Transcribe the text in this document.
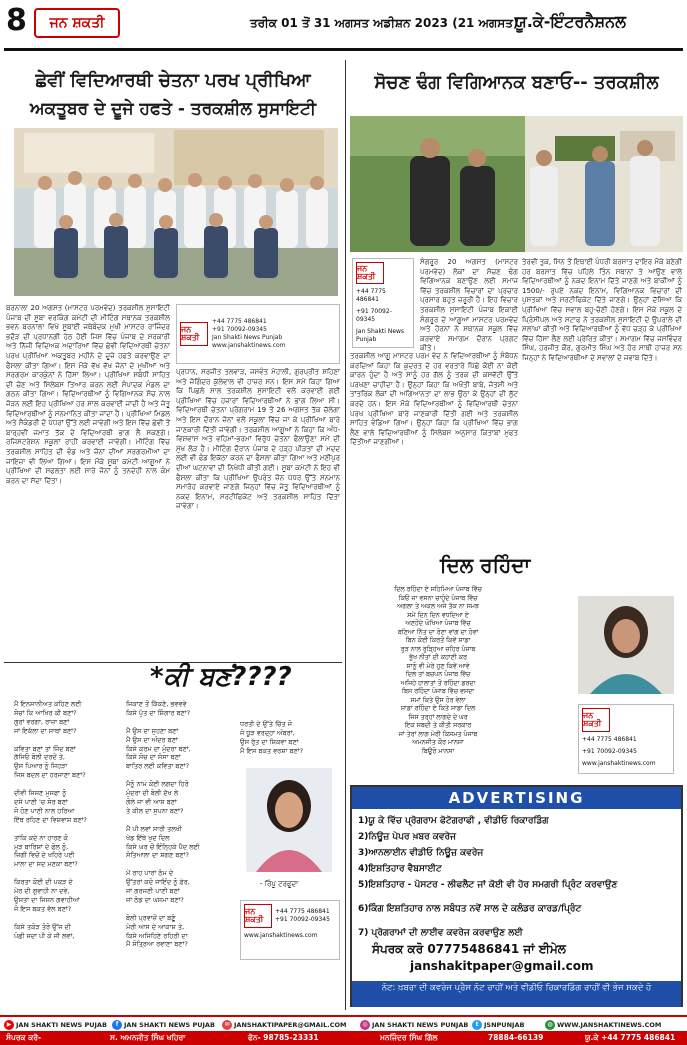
8	ਜਨ ਸ਼ਕਤੀ	ਤਰੀਕ 01 ਤੋਂ 31 ਅਗਸਤ ਅਡੀਸ਼ਨ 2023 (21 ਅਗਸਤ)
ਯੂ.ਕੇ-ਇੰਟਰਨੈਸ਼ਨਲ
ਛੇਵੀਂ ਵਿਦਿਆਰਥੀ ਚੇਤਨਾ ਪਰਖ ਪ੍ਰੀਖਿਆ
ਅਕਤੂਬਰ ਦੇ ਦੂਜੇ ਹਫਤੇ - ਤਰਕਸ਼ੀਲ ਸੁਸਾਇਟੀ
ਬਰਨਾਲਾ 20 ਅਗਸਤ (ਮਾਸਟਰ ਪਰਮਵੇਦ) ਤਰਕਸ਼ੀਲ ਸੁਸਾਇਟੀ ਪੰਜਾਬ ਦੀ ਸੂਬਾ ਵਰਕਿੰਗ ਕਮੇਟੀ ਦੀ ਮੀਟਿੰਗ ਸਥਾਨਕ ਤਰਕਸ਼ੀਲ ਭਵਨ ਬਰਨਾਲਾ ਵਿਖੇ ਸੂਬਾਈ ਜਥੇਬੰਦਕ ਮੁਖੀ ਮਾਸਟਰ ਰਾਜਿੰਦਰ ਭਦੌੜ ਦੀ ਪ੍ਰਧਾਨਗੀ ਹੇਠ ਹੋਈ ਜਿਸ ਵਿੱਚ ਪੰਜਾਬ ਦੇ ਸਰਕਾਰੀ ਅਤੇ ਨਿੱਜੀ ਵਿਦਿਅਕ ਅਦਾਰਿਆਂ ਵਿੱਚ ਛੇਵੀਂ ਵਿਦਿਆਰਥੀ ਚੇਤਨਾ ਪਰਖ ਪ੍ਰੀਖਿਆ ਅਕਤੂਬਰ ਮਹੀਨੇ ਦੇ ਦੂਜੇ ਹਫਤੇ ਕਰਵਾਉਣ ਦਾ ਫੈਸਲਾ ਕੀਤਾ ਗਿਆ। ਇਸ ਮੌਕੇ ਵੱਖ ਵੱਖ ਜੋਨਾਂ ਦੇ ਮੁਖੀਆਂ ਅਤੇ ਸਰਗਰਮ ਕਾਰਕੁੰਨਾਂ ਨੇ ਹਿੱਸਾ ਲਿਆ। ਪ੍ਰੀਖਿਆ ਸਬੰਧੀ ਸਾਹਿਤ ਦੀ ਚੋਣ ਅਤੇ ਸਿਲੇਬਸ ਤਿਆਰ ਕਰਨ ਲਈ ਸੰਪਾਦਕ ਮੰਡਲ ਦਾ ਗਠਨ ਕੀਤਾ ਗਿਆ। ਵਿਦਿਆਰਥੀਆਂ ਨੂੰ ਵਿਗਿਆਨਕ ਸੋਚ ਨਾਲ ਜੋੜਨ ਲਈ ਇਹ ਪ੍ਰੀਖਿਆ ਹਰ ਸਾਲ ਕਰਵਾਈ ਜਾਂਦੀ ਹੈ ਅਤੇ ਜੇਤੂ ਵਿਦਿਆਰਥੀਆਂ ਨੂੰ ਸਨਮਾਨਿਤ ਕੀਤਾ ਜਾਂਦਾ ਹੈ। ਪ੍ਰੀਖਿਆ ਮਿਡਲ ਅਤੇ ਸੈਕੰਡਰੀ ਦੋ ਪੱਧਰਾਂ ਉੱਤੇ ਲਈ ਜਾਵੇਗੀ ਅਤੇ ਇਸ ਵਿੱਚ ਛੇਵੀਂ ਤੋਂ ਬਾਰ੍ਹਵੀਂ ਜਮਾਤ ਤੱਕ ਦੇ ਵਿਦਿਆਰਥੀ ਭਾਗ ਲੈ ਸਕਣਗੇ। ਰਜਿਸਟਰੇਸ਼ਨ ਸਕੂਲਾਂ ਰਾਹੀਂ ਕਰਵਾਈ ਜਾਵੇਗੀ। ਮੀਟਿੰਗ ਵਿੱਚ ਤਰਕਸ਼ੀਲ ਸਾਹਿਤ ਦੀ ਵੰਡ ਅਤੇ ਜ਼ੋਨਾਂ ਦੀਆਂ ਸਰਗਰਮੀਆਂ ਦਾ ਜਾਇਜ਼ਾ ਵੀ ਲਿਆ ਗਿਆ। ਇਸ ਮੌਕੇ ਸੂਬਾ ਕਮੇਟੀ ਆਗੂਆਂ ਨੇ ਪ੍ਰੀਖਿਆ ਦੀ ਸਫਲਤਾ ਲਈ ਸਾਰੇ ਜੋਨਾਂ ਨੂੰ ਤਨਦੇਹੀ ਨਾਲ ਕੰਮ ਕਰਨ ਦਾ ਸੱਦਾ ਦਿੱਤਾ।
ਜਨ ਸ਼ਕਤੀ
+44 7775 486841
+91 70092-09345
Jan Shakti News Punjab
www.janshaktinews.com
ਪ੍ਰਧਾਨ, ਸਰਜੀਤ ਤਲਵਾੜ, ਜਸਵੰਤ ਮੋਹਾਲੀ, ਗੁਰਪ੍ਰੀਤ ਸ਼ਹਿਣਾ ਅਤੇ ਜੋਗਿੰਦਰ ਕੁੱਲੇਵਾਲ ਵੀ ਹਾਜ਼ਰ ਸਨ। ਇਸ ਸਮੇਂ ਕਿਹਾ ਗਿਆ ਕਿ ਪਿਛਲੇ ਸਾਲ ਤਰਕਸ਼ੀਲ ਸੁਸਾਇਟੀ ਵਲੋਂ ਕਰਵਾਈ ਗਈ ਪ੍ਰੀਖਿਆ ਵਿੱਚ ਹਜ਼ਾਰਾਂ ਵਿਦਿਆਰਥੀਆਂ ਨੇ ਭਾਗ ਲਿਆ ਸੀ। ਵਿਦਿਆਰਥੀ ਚੇਤਨਾ ਪ੍ਰੋਗਰਾਮ 19 ਤੋਂ 26 ਅਗਸਤ ਤੱਕ ਚੱਲੇਗਾ ਅਤੇ ਇਸ ਦੌਰਾਨ ਜ਼ੋਨਾਂ ਵਲੋਂ ਸਕੂਲਾਂ ਵਿੱਚ ਜਾ ਕੇ ਪ੍ਰੀਖਿਆ ਬਾਰੇ ਜਾਣਕਾਰੀ ਦਿੱਤੀ ਜਾਵੇਗੀ। ਤਰਕਸ਼ੀਲ ਆਗੂਆਂ ਨੇ ਕਿਹਾ ਕਿ ਅੰਧ-ਵਿਸ਼ਵਾਸ ਅਤੇ ਵਹਿਮਾਂ-ਭਰਮਾਂ ਵਿਰੁੱਧ ਚੇਤਨਾ ਫੈਲਾਉਣਾ ਸਮੇਂ ਦੀ ਮੁੱਖ ਲੋੜ ਹੈ। ਮੀਟਿੰਗ ਦੌਰਾਨ ਪੰਜਾਬ ਦੇ ਹੜ੍ਹ ਪੀੜਤਾਂ ਦੀ ਮਦਦ ਲਈ ਵੀ ਫੰਡ ਇਕੱਠਾ ਕਰਨ ਦਾ ਫੈਸਲਾ ਕੀਤਾ ਗਿਆ ਅਤੇ ਮਣੀਪੁਰ ਦੀਆਂ ਘਟਨਾਵਾਂ ਦੀ ਨਿਖੇਧੀ ਕੀਤੀ ਗਈ। ਸੂਬਾ ਕਮੇਟੀ ਨੇ ਇਹ ਵੀ ਫੈਸਲਾ ਕੀਤਾ ਕਿ ਪ੍ਰੀਖਿਆ ਉਪਰੰਤ ਜ਼ੋਨ ਪੱਧਰ ਉੱਤੇ ਸਨਮਾਨ ਸਮਾਰੋਹ ਕਰਵਾਏ ਜਾਣਗੇ ਜਿਨ੍ਹਾਂ ਵਿੱਚ ਜੇਤੂ ਵਿਦਿਆਰਥੀਆਂ ਨੂੰ ਨਕਦ ਇਨਾਮ, ਸਰਟੀਫਿਕੇਟ ਅਤੇ ਤਰਕਸ਼ੀਲ ਸਾਹਿਤ ਦਿੱਤਾ ਜਾਵੇਗਾ।
*ਕੀ ਬਣਂ????
ਮੈਂ ਇਨਸਾਨੀਅਤ ਕਹਿਣ ਲਈ
ਸੋਚਾਂ ਕਿ ਆਖਿਰ ਕੀ ਬਣਾਂ?
ਗੁਰਾਂ ਵਰਗਾ, ਰਾਜ਼ਾ ਬਣਾਂ
ਜਾਂ ਇਕੱਲਾ ਦਾ ਸਾਥਾਂ ਬਣਾਂ?

ਕਵਿਤਾ ਬਣਾਂ ਤਾਂ ਜਿੰਦ ਬਣਾਂ
ਗੱਜਿਓ ਬੋਲੀ ਦਰਦੋਂ ਤੇ,
ਉਸ ਪਿਆਰ ਨੂੰ ਜਿਹੜਾ
ਜਿਸ ਬਦਲ ਦਾ ਹਰਜਾਣਾ ਬਣਾਂ?

ਦੀਵੀ ਜਿਸਣ ਮੁਸਫਾ ਨੂੰ
ਦਸੇ ਪਾਣੀ 'ਚ ਸੋਰ ਬਣਾਂ
ਜੋ ਹੋਣ ਪਾਣੀ ਨਾਲ ਹਰਿਆ
ਇੱਥ ਰਹਿਣ ਦਾ ਵਿਸ਼ਵਾਸ਼ ਬਣਾਂ?

ਤਾਂਕਿ ਕਦੇ ਨਾ ਹਾਰਣ ਕੋ
ਮੁੜ ਬਾਰਿਸ਼ਾਂ ਦੇ ਫੋਲ ਨੂੰ,
ਜ਼ਿਗੀ ਵਿਚੋਂ ਦੇ ਖਹਿਰੇ ਪਈ
ਮਾਲਾ ਦਾ ਸਦ ਮਣਕਾ ਬਣਾਂ?

ਕਿਰਤਾ ਕੋਈ ਦੀ ਪਕੜ ਦੇ
ਮੇਰ ਦੀ ਗੁਵਾਹੀ ਨਾ ਦਵੇ,
ਉਸਤਾਂ ਦਾ ਜਿਸਨ ਗਵਾਹੀਆਂ
ਜੋ ਇਸ ਬਕਤ ਵੱਲ ਬਣਾਂ?

ਕਿਸੇ ਤਕੋੜ ਤੋਰੋ ਉੱਜ ਦੀ
ਪੰਛੀ ਸਦਾ ਪੀ ਕੇ ਜੀ ਲਵਾਂ,
ਜਿਕਾਣ ਤੋਂ ਕਿੱਕਣੇ, ਭਵਵਵੇ
ਕਿਸੇ ਪੁੱਤ ਦਾ ਸ਼ਿੰਗਾਰ ਬਣਾਂ?

ਮੈਂ ਉਸ ਦਾ ਸੁਹਣਾ ਬਣਾਂ
ਮੈਂ ਉਸ ਦਾ ਅੰਦਰ ਬਣਾਂ
ਕਿਸੇ ਕਰਮ ਦਾ ਮੁੰਦਰਾ ਬਣਾਂ,
ਕਿਸੇ ਸੋਚ ਦਾ ਸੰਸਾ ਬਣਾਂ
ਬਾਤਿਰ ਲਈ ਕਵਿਤਾ ਬਣਾਂ?

ਮੈਨੂੰ ਨਾਮ ਕੋਈ ਲਗਦਾ ਹਿਰੋ
ਮੁੰਦਰਾ ਦੀ ਬੋਲੀ ਦੱਖ ਲੇ
ਗੋਲੇ ਜਾ ਵੀ ਆਸ ਬਣਾਂ
ਤੇ ਕੀਲ ਦਾ ਸੁਪਨਾ ਬਣਾਂ?

ਮੈਂ ਪੀ ਲਵਾਂ ਸਾਰੀ ਤਲਖੀ
ਖੇਡ ਇੱਥੇ ਖੁਦ ਦਿਲ
ਕਿਸੇ ਘਰ ਚੋਂ ਇੰਨ੍ਹਿਕੇ ਪੈਦ ਲਈ
ਸੰਤਿਆਲਾ ਦਾ ਸ਼ਗਣ ਬਣਾਂ?

ਮੇਂ ਰਾਹ ਪਾਰਾਂ ਠੰਮ ਦੇ
ਉੱਤਰਾਂ ਕਦੋ ਜਾਇੰਦ ਨੂੰ ਫ਼ੇਰ,
ਜਾਂ ਗਰਜਣੀ ਪਾਣੀ ਬਣਾਂ
ਜਾਂ ਠੰਡ ਦਾ ਘਸਮਾ ਬਣਾਂ?

ਬੋਲੀ ਪ੍ਰਵਾਜ਼ੋਂ ਦਾ ਬਣੂੰ
ਮੇਰੀ ਆਸ ਦੇ ਆਕਾਸ਼ ਤੇ,
ਕਿਸੇ ਅਜਿਹਿਣੇ ਰਹਿਰੀ ਦਾ
ਮੈਂ ਸੋਤ੍ਰਿਆ ਰਵਾਣਾ ਬਣਾਂ?
ਧਰਤੀ ਦੇ ਉੱਤੇ ਚਿੱਤ ਜੋ
ਜੋ ਧੂੜ ਵਰਦ੍ਹਾ ਅੰਬਰਾਂ,
ਉਸ ਰੁੱਤ ਦਾ ਸ਼ਿਕਵਾ ਬਣਾਂ
ਮੈਂ ਇਸ ਬਕਤ ਵਰਸ਼ਾ ਬਣਾਂ?
- ਰਿੰਪੂ ਟਰਫੂਦਾ
ਜਨ ਸ਼ਕਤੀ
+44 7775 486841
+91 70092-09345
www.janshaktinews.com
ਸੋਚਣ ਢੰਗ ਵਿਗਿਆਨਕ ਬਣਾਓ-- ਤਰਕਸ਼ੀਲ
ਜਨ ਸ਼ਕਤੀ
+44 7775 486841
+91 70092-09345
Jan Shakti News Punjab
ਸੰਗਰੂਰ 20 ਅਗਸਤ (ਮਾਸਟਰ ਪਰਮਵੇਦ) ਲੋਕਾਂ ਦਾ ਸੋਚਣ ਢੰਗ ਵਿਗਿਆਨਕ ਬਣਾਉਣ ਲਈ ਸਮਾਜ ਵਿੱਚ ਤਰਕਸ਼ੀਲ ਵਿਚਾਰਾਂ ਦਾ ਪ੍ਰਚਾਰ ਪ੍ਰਸਾਰ ਬਹੁਤ ਜ਼ਰੂਰੀ ਹੈ। ਇਹ ਵਿਚਾਰ ਤਰਕਸ਼ੀਲ ਸੁਸਾਇਟੀ ਪੰਜਾਬ ਇਕਾਈ ਸੰਗਰੂਰ ਦੇ ਆਗੂਆਂ ਮਾਸਟਰ ਪਰਮਵੇਦ ਅਤੇ ਹੋਰਨਾਂ ਨੇ ਸਥਾਨਕ ਸਕੂਲ ਵਿੱਚ ਕਰਵਾਏ ਸਮਾਗਮ ਦੌਰਾਨ ਪ੍ਰਗਟ ਕੀਤੇ।
ਤਰਕਸ਼ੀਲ ਆਗੂ ਮਾਸਟਰ ਪਰਮ ਵੇਦ ਨੇ ਵਿਦਿਆਰਥੀਆਂ ਨੂੰ ਸੰਬੋਧਨ ਕਰਦਿਆਂ ਕਿਹਾ ਕਿ ਕੁਦਰਤ ਦੇ ਹਰ ਵਰਤਾਰੇ ਪਿੱਛੇ ਕੋਈ ਨਾ ਕੋਈ ਕਾਰਨ ਹੁੰਦਾ ਹੈ ਅਤੇ ਸਾਨੂੰ ਹਰ ਗੱਲ ਨੂੰ ਤਰਕ ਦੀ ਕਸਵੱਟੀ ਉੱਤੇ ਪਰਖਣਾ ਚਾਹੀਦਾ ਹੈ। ਉਨ੍ਹਾਂ ਕਿਹਾ ਕਿ ਅਖੌਤੀ ਬਾਬੇ, ਜੋਤਸ਼ੀ ਅਤੇ ਤਾਂਤਰਿਕ ਲੋਕਾਂ ਦੀ ਅਗਿਆਨਤਾ ਦਾ ਲਾਭ ਉਠਾ ਕੇ ਉਨ੍ਹਾਂ ਦੀ ਲੁੱਟ ਕਰਦੇ ਹਨ। ਇਸ ਮੌਕੇ ਵਿਦਿਆਰਥੀਆਂ ਨੂੰ ਵਿਦਿਆਰਥੀ ਚੇਤਨਾ ਪਰਖ ਪ੍ਰੀਖਿਆ ਬਾਰੇ ਜਾਣਕਾਰੀ ਦਿੱਤੀ ਗਈ ਅਤੇ ਤਰਕਸ਼ੀਲ ਸਾਹਿਤ ਵੰਡਿਆ ਗਿਆ। ਉਨ੍ਹਾਂ ਕਿਹਾ ਕਿ ਪ੍ਰੀਖਿਆ ਵਿੱਚ ਭਾਗ ਲੈਣ ਵਾਲੇ ਵਿਦਿਆਰਥੀਆਂ ਨੂੰ ਸਿਲੇਬਸ ਅਨੁਸਾਰ ਕਿਤਾਬਾਂ ਮੁਫਤ ਦਿੱਤੀਆਂ ਜਾਣਗੀਆਂ।
ਤੇਰਵੀਂ ਤੁਕ, ਸਿਨ ਤੋਂ ਇਥਾਈ ਪੰਧਰੀ ਬਰਸਾਤ ਦਾਇਰ ਮੌਕੇ ਬਣੇਗੀ ਹਰ ਬਰਸਾਤ ਵਿੱਚ ਪਹਿਲੇ ਤਿੰਨ ਸਥਾਨਾਂ ਤੇ ਆਉਣ ਵਾਲੇ ਵਿਦਿਆਰਥੀਆਂ ਨੂੰ ਨਕਦ ਇਨਾਮ ਦਿੱਤੇ ਜਾਣਗੇ ਅਤੇ ਬਾਕੀਆਂ ਨੂੰ 1500/- ਰੁਪਏ ਨਕਦ ਇਨਾਮ, ਵਿਗਿਆਨਕ ਵਿਚਾਰਾਂ ਦੀ ਪੁਸਤਕਾਂ ਅਤੇ ਸਰਟੀਫਿਕੇਟ ਦਿੱਤੇ ਜਾਣਗੇ। ਉਨ੍ਹਾਂ ਦੱਸਿਆ ਕਿ ਪ੍ਰੀਖਿਆ ਵਿੱਚ ਸਵਾਲ ਬਹੁ-ਚੋਣੀ ਹੋਣਗੇ। ਇਸ ਮੌਕੇ ਸਕੂਲ ਦੇ ਪ੍ਰਿੰਸੀਪਲ ਅਤੇ ਸਟਾਫ ਨੇ ਤਰਕਸ਼ੀਲ ਸੁਸਾਇਟੀ ਦੇ ਉਪਰਾਲੇ ਦੀ ਸ਼ਲਾਘਾ ਕੀਤੀ ਅਤੇ ਵਿਦਿਆਰਥੀਆਂ ਨੂੰ ਵੱਧ ਚੜ੍ਹ ਕੇ ਪ੍ਰੀਖਿਆ ਵਿੱਚ ਹਿੱਸਾ ਲੈਣ ਲਈ ਪ੍ਰੇਰਿਤ ਕੀਤਾ। ਸਮਾਗਮ ਵਿੱਚ ਜਸਵਿੰਦਰ ਸਿੰਘ, ਹਰਜੀਤ ਕੌਰ, ਗੁਰਮੀਤ ਸਿੰਘ ਅਤੇ ਹੋਰ ਸਾਥੀ ਹਾਜ਼ਰ ਸਨ ਜਿਨ੍ਹਾਂ ਨੇ ਵਿਦਿਆਰਥੀਆਂ ਦੇ ਸਵਾਲਾਂ ਦੇ ਜਵਾਬ ਦਿੱਤੇ।
ਦਿਲ ਰਹਿੰਦਾ
ਦਿਲ ਰਹਿੰਦਾ ਏ ਸਹਿਮਿਆ ਪੰਜਾਬ ਵਿੱਚ
ਕਿਓਂ ਜਾ ਵਸਨਾ ਚਾਹੁੰਦੇ ਪੰਜਾਬ ਵਿੱਚ
ਅਗਲਾ ਤੇ ਅਕਲ ਅਜੇ ਤੱਕ ਨਾ ਸਮਝ
ਸਮੇਂ ਦਿਨ ਦਿਨ ਵਧਦਿਆ ਏ
ਅਣਹੋਂਦੇ ਘੋਖਿਆ ਪੰਜਾਬ ਵਿੱਚ
ਬਣਿਆ ਨਿੱਤ ਦਾ ਰੋਣਾ ਵਾਂਗ ਦਾ ਹੋਵਾਂ
ਬਿਨ ਕੋਈ ਕਿਰਤੋਂ ਕਿਵੇਂ ਸਾਡਾ
ਰੁੜ ਨਾਲ ਰੁੜ੍ਹਿਆ ਜ਼ਹਿਰ ਪੰਜਾਬ
ਭੁੱਖ ਨੀਤਾਂ ਦੀ ਕਹਾਣੀ ਕਰ
ਸਾਨੂੰ ਵੀ ਮੇਰੇ ਹੁਣ ਕਿਵੇਂ ਆਵੇ
ਦਿਲ ਤਾਂ ਬਚਪਨ ਪੰਜਾਬ ਵਿੱਚ
ਅਜਿਹੇ ਹਾਲਾਤਾਂ ਤੋਂ ਰਹਿੰਦਾ ਡਰਦਾ
ਬਿਸ ਰਹਿੰਦਾ ਪੰਜਾਬ ਵਿੱਚ ਵਸਦਾ
ਸਮਾਂ ਕਿਤੇ ਉਸ ਹੋਰ ਵੇਲਾ
ਸਾਡਾ ਰਹਿੰਦਾ ਏ ਕਿਤੇ ਸਾਡਾ ਦਿਲ
ਜਿਸ ਤਰ੍ਹਾਂ ਲਾਗਦੇ ਦੇ ਘਰ
ਇਕ ਸਬਦੀ ਤੇ ਕੀਤੀ ਸਰਕਾਰ
ਜਾਂ ਤੇਰਾਂ ਲਾਗ ਮੇਰੀ ਕਿਸਮਤ ਪੰਜਾਬ
ਅਮਨਜੀਤ ਕੌਰ ਮਾਨਸਾ
ਬਿਊਰੋ ਮਾਨਸਾ
ਜਨ ਸ਼ਕਤੀ
+44 7775 486841
+91 70092-09345
www.janshaktinews.com
ADVERTISING
1)ਯੂ ਕੇ ਵਿੱਚ ਪ੍ਰੋਗਰਾਮ ਫੋਟੋਗਰਾਫੀ , ਵੀਡੀਓ ਰਿਕਾਰਡਿੰਗ
2)ਨਿਊਜ਼ ਪੇਪਰ ਖ਼ਬਰ ਕਵਰੇਜ
3)ਆਨਲਾਈਨ ਵੀਡੀਓ ਨਿਊਜ਼ ਕਵਰੇਜ
4)ਇਸ਼ਤਿਹਾਰ ਵੈਬਸਾਈਟ
5)ਇਸ਼ਤਿਹਾਰ - ਪੋਸਟਰ - ਲੀਫਲੈਟ ਜਾਂ ਕੋਈ ਵੀ ਹੋਰ ਸਮਗਰੀ ਪ੍ਰਿੰਟ ਕਰਵਾਉਣ
6)ਕਿੰਗ ਇਸ਼ਤਿਹਾਰ ਨਾਲ ਸਬੰਧਤ ਨਵੇਂ ਸਾਲ ਦੇ ਕਲੰਡਰ ਕਾਰਡ/ਪ੍ਰਿੰਟ
7) ਪ੍ਰੋਗਰਾਮਾਂ ਦੀ ਲਾਈਵ ਕਵਰੇਜ ਕਰਵਾਉਣ ਲਈ
ਸੰਪਰਕ ਕਰੋ 07775486841 ਜਾਂ ਈਮੇਲ
janshakitpaper@gmail.com
ਨੋਟ: ਖ਼ਬਰਾ ਦੀ ਕਵਰੇਜ ਪ੍ਰੈਸ ਨੋਟ ਰਾਹੀਂ ਅਤੇ ਵੀਡੀਓ ਰਿਕਾਰਡਿੰਗ ਰਾਹੀਂ ਵੀ ਭੇਜ ਸਕਦੇ ਹੋ
▶ JAN SHAKTI NEWS PUJAB	f JAN SHAKTI NEWS PUJAB	✉ JANSHAKTIPAPER@GMAIL.COM	◎ JAN SHAKTI NEWS PUNJAB	t JSNPUNJAB	◍ WWW.JANSHAKTINEWS.COM
ਸੰਪਰਕ ਕਰੋ-	ਸ. ਅਮਨਜੀਤ ਸਿੰਘ ਖਹਿਰਾ	ਫੋਨ- 98785-23331	ਮਨਜਿੰਦਰ ਸਿੰਘ ਗਿੱਲ	78884-66139	ਯੂ.ਕੇ +44 7775 486841
